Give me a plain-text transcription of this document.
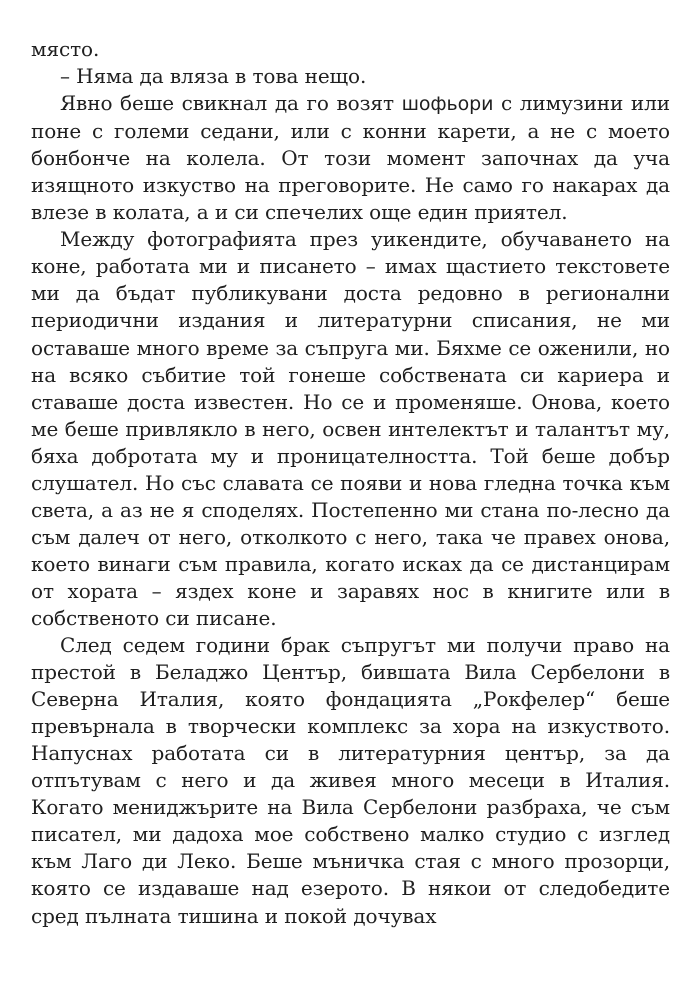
място.

– Няма да вляза в това нещо.

Явно беше свикнал да го возят шофьори с лимузини или поне с големи седани, или с конни карети, а не с моето бонбонче на колела. От този момент започнах да уча изящното изкуство на преговорите. Не само го накарах да влезе в колата, а и си спечелих още един приятел.

Между фотографията през уикендите, обучаването на коне, работата ми и писането – имах щастието текстовете ми да бъдат публикувани доста редовно в регионални периодични издания и литературни списания, не ми оставаше много време за съпруга ми. Бяхме се оженили, но на всяко събитие той гонеше собствената си кариера и ставаше доста известен. Но се и променяше. Онова, което ме беше привлякло в него, освен интелектът и талантът му, бяха добротата му и проницателността. Той беше добър слушател. Но със славата се появи и нова гледна точка към света, а аз не я споделях. Постепенно ми стана по-лесно да съм далеч от него, отколкото с него, така че правех онова, което винаги съм правила, когато исках да се дистанцирам от хората – яздех коне и заравях нос в книгите или в собственото си писане.

След седем години брак съпругът ми получи право на престой в Беладжо Център, бившата Вила Сербелони в Северна Италия, която фондацията „Рокфелер“ беше превърнала в творчески комплекс за хора на изкуството. Напуснах работата си в литературния център, за да отпътувам с него и да живея много месеци в Италия. Когато мениджърите на Вила Сербелони разбраха, че съм писател, ми дадоха мое собствено малко студио с изглед към Лаго ди Леко. Беше мъничка стая с много прозорци, която се издаваше над езерото. В някои от следобедите сред пълната тишина и покой дочувах
